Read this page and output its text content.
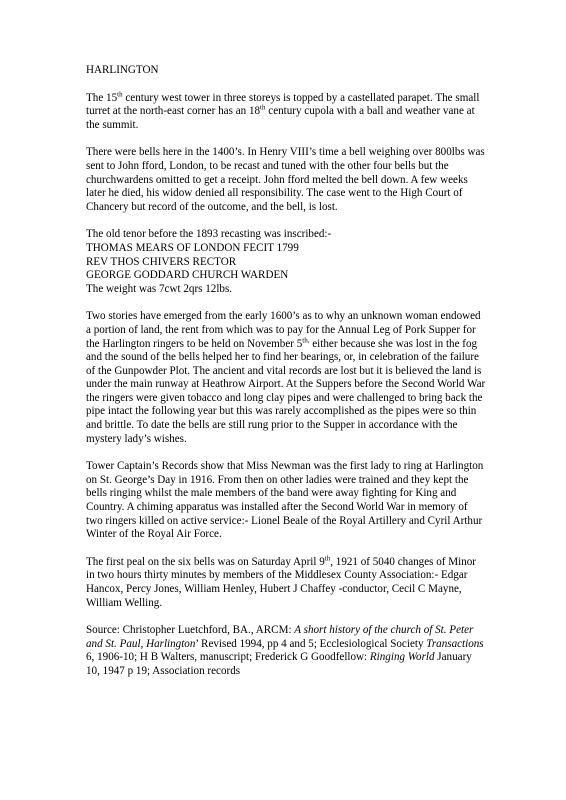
HARLINGTON

The 15th century west tower in three storeys is topped by a castellated parapet. The small turret at the north-east corner has an 18th century cupola with a ball and weather vane at the summit.

There were bells here in the 1400’s. In Henry VIII’s time a bell weighing over 800lbs was sent to John fford, London, to be recast and tuned with the other four bells but the churchwardens omitted to get a receipt. John fford melted the bell down. A few weeks later he died, his widow denied all responsibility. The case went to the High Court of Chancery but record of the outcome, and the bell, is lost.

The old tenor before the 1893 recasting was inscribed:-
THOMAS MEARS OF LONDON FECIT 1799
REV THOS CHIVERS RECTOR
GEORGE GODDARD CHURCH WARDEN
The weight was 7cwt 2qrs 12lbs.

Two stories have emerged from the early 1600’s as to why an unknown woman endowed a portion of land, the rent from which was to pay for the Annual Leg of Pork Supper for the Harlington ringers to be held on November $5^{th,}$ either because she was lost in the fog and the sound of the bells helped her to find her bearings, or, in celebration of the failure of the Gunpowder Plot. The ancient and vital records are lost but it is believed the land is under the main runway at Heathrow Airport. At the Suppers before the Second World War the ringers were given tobacco and long clay pipes and were challenged to bring back the pipe intact the following year but this was rarely accomplished as the pipes were so thin and brittle. To date the bells are still rung prior to the Supper in accordance with the mystery lady’s wishes.

Tower Captain’s Records show that Miss Newman was the first lady to ring at Harlington on St. George’s Day in 1916. From then on other ladies were trained and they kept the bells ringing whilst the male members of the band were away fighting for King and Country. A chiming apparatus was installed after the Second World War in memory of two ringers killed on active service:- Lionel Beale of the Royal Artillery and Cyril Arthur Winter of the Royal Air Force.

The first peal on the six bells was on Saturday April 9th, 1921 of 5040 changes of Minor in two hours thirty minutes by members of the Middlesex County Association:- Edgar Hancox, Percy Jones, William Henley, Hubert J Chaffey -conductor, Cecil C Mayne, William Welling.

Source: Christopher Luetchford, BA., ARCM: A short history of the church of St. Peter and St. Paul, Harlington’ Revised 1994, pp 4 and 5; Ecclesiological Society Transactions 6, 1906-10; H B Walters, manuscript; Frederick G Goodfellow: Ringing World January 10, 1947 p 19; Association records
